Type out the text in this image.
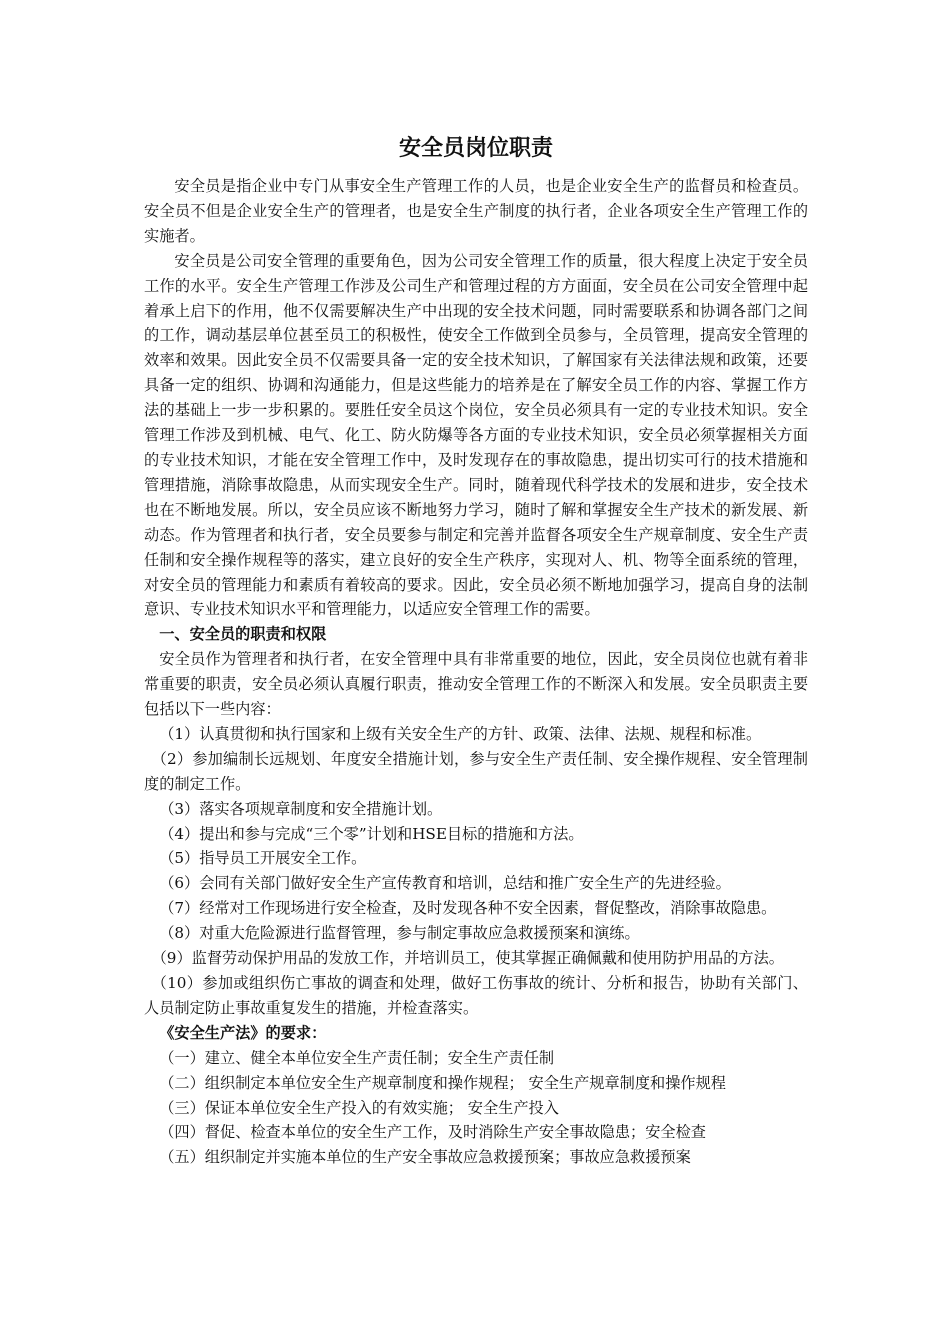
安全员岗位职责

安全员是指企业中专门从事安全生产管理工作的人员，也是企业安全生产的监督员和检查员。安全员不但是企业安全生产的管理者，也是安全生产制度的执行者，企业各项安全生产管理工作的实施者。

安全员是公司安全管理的重要角色，因为公司安全管理工作的质量，很大程度上决定于安全员工作的水平。安全生产管理工作涉及公司生产和管理过程的方方面面，安全员在公司安全管理中起着承上启下的作用，他不仅需要解决生产中出现的安全技术问题，同时需要联系和协调各部门之间的工作，调动基层单位甚至员工的积极性，使安全工作做到全员参与，全员管理，提高安全管理的效率和效果。因此安全员不仅需要具备一定的安全技术知识，了解国家有关法律法规和政策，还要具备一定的组织、协调和沟通能力，但是这些能力的培养是在了解安全员工作的内容、掌握工作方法的基础上一步一步积累的。要胜任安全员这个岗位，安全员必须具有一定的专业技术知识。安全管理工作涉及到机械、电气、化工、防火防爆等各方面的专业技术知识，安全员必须掌握相关方面的专业技术知识，才能在安全管理工作中，及时发现存在的事故隐患，提出切实可行的技术措施和管理措施，消除事故隐患，从而实现安全生产。同时，随着现代科学技术的发展和进步，安全技术也在不断地发展。所以，安全员应该不断地努力学习，随时了解和掌握安全生产技术的新发展、新动态。作为管理者和执行者，安全员要参与制定和完善并监督各项安全生产规章制度、安全生产责任制和安全操作规程等的落实，建立良好的安全生产秩序，实现对人、机、物等全面系统的管理，对安全员的管理能力和素质有着较高的要求。因此，安全员必须不断地加强学习，提高自身的法制意识、专业技术知识水平和管理能力，以适应安全管理工作的需要。

一、安全员的职责和权限

安全员作为管理者和执行者，在安全管理中具有非常重要的地位，因此，安全员岗位也就有着非常重要的职责，安全员必须认真履行职责，推动安全管理工作的不断深入和发展。安全员职责主要包括以下一些内容：

（1）认真贯彻和执行国家和上级有关安全生产的方针、政策、法律、法规、规程和标准。

（2）参加编制长远规划、年度安全措施计划，参与安全生产责任制、安全操作规程、安全管理制度的制定工作。

（3）落实各项规章制度和安全措施计划。

（4）提出和参与完成“三个零”计划和HSE目标的措施和方法。

（5）指导员工开展安全工作。

（6）会同有关部门做好安全生产宣传教育和培训，总结和推广安全生产的先进经验。

（7）经常对工作现场进行安全检查，及时发现各种不安全因素，督促整改，消除事故隐患。

（8）对重大危险源进行监督管理，参与制定事故应急救援预案和演练。

（9）监督劳动保护用品的发放工作，并培训员工，使其掌握正确佩戴和使用防护用品的方法。

（10）参加或组织伤亡事故的调查和处理，做好工伤事故的统计、分析和报告，协助有关部门、人员制定防止事故重复发生的措施，并检查落实。

《安全生产法》的要求：

（一）建立、健全本单位安全生产责任制；安全生产责任制

（二）组织制定本单位安全生产规章制度和操作规程； 安全生产规章制度和操作规程

（三）保证本单位安全生产投入的有效实施； 安全生产投入

（四）督促、检查本单位的安全生产工作，及时消除生产安全事故隐患；安全检查

（五）组织制定并实施本单位的生产安全事故应急救援预案；事故应急救援预案
